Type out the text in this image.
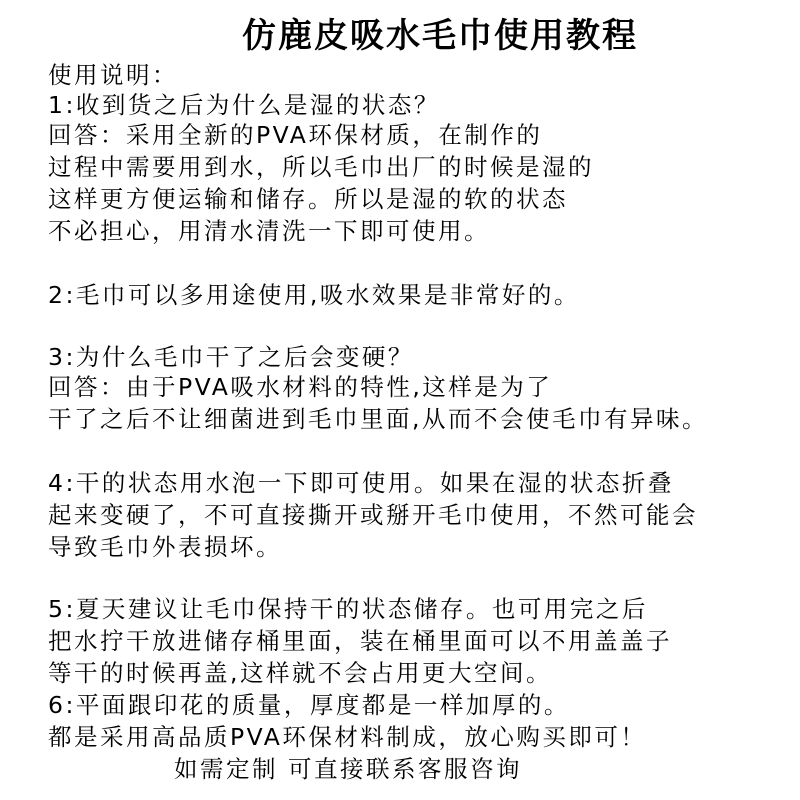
仿鹿皮吸水毛巾使用教程
使用说明：
1:收到货之后为什么是湿的状态？
回答：采用全新的PVA环保材质，在制作的
过程中需要用到水，所以毛巾出厂的时候是湿的
这样更方便运输和储存。所以是湿的软的状态
不必担心，用清水清洗一下即可使用。
2:毛巾可以多用途使用,吸水效果是非常好的。
3:为什么毛巾干了之后会变硬？
回答：由于PVA吸水材料的特性,这样是为了
干了之后不让细菌进到毛巾里面,从而不会使毛巾有异味。
4:干的状态用水泡一下即可使用。如果在湿的状态折叠
起来变硬了，不可直接撕开或掰开毛巾使用，不然可能会
导致毛巾外表损坏。
5:夏天建议让毛巾保持干的状态储存。也可用完之后
把水拧干放进储存桶里面，装在桶里面可以不用盖盖子
等干的时候再盖,这样就不会占用更大空间。
6:平面跟印花的质量，厚度都是一样加厚的。
都是采用高品质PVA环保材料制成，放心购买即可！
如需定制 可直接联系客服咨询
